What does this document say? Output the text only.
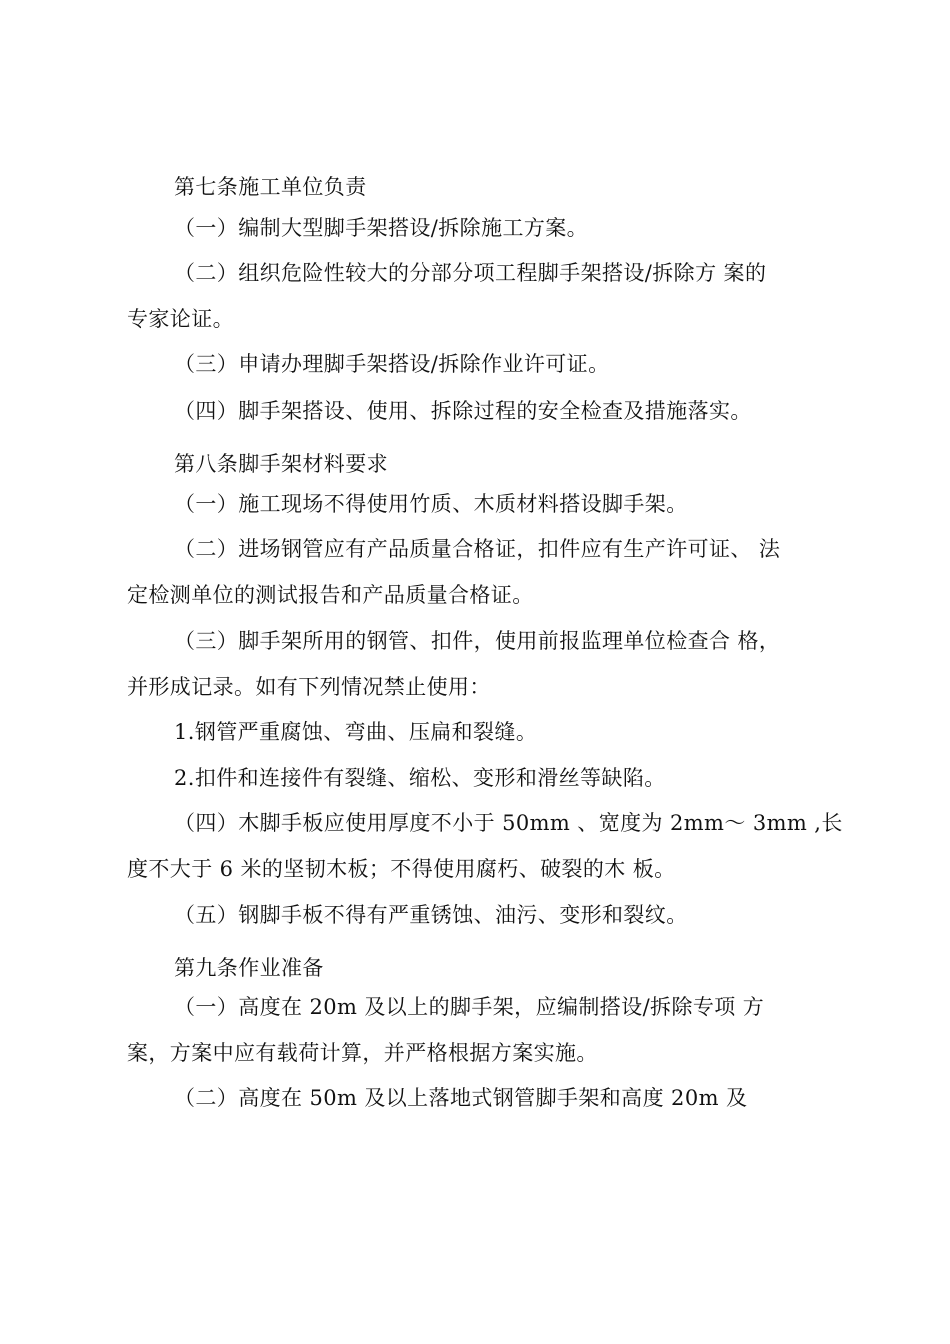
第七条施工单位负责
（一）编制大型脚手架搭设/拆除施工方案。
（二）组织危险性较大的分部分项工程脚手架搭设/拆除方 案的
专家论证。
（三）申请办理脚手架搭设/拆除作业许可证。
（四）脚手架搭设、使用、拆除过程的安全检查及措施落实。
第八条脚手架材料要求
（一）施工现场不得使用竹质、木质材料搭设脚手架。
（二）进场钢管应有产品质量合格证，扣件应有生产许可证、 法
定检测单位的测试报告和产品质量合格证。
（三）脚手架所用的钢管、扣件，使用前报监理单位检查合 格，
并形成记录。如有下列情况禁止使用：
1.钢管严重腐蚀、弯曲、压扁和裂缝。
2.扣件和连接件有裂缝、缩松、变形和滑丝等缺陷。
（四）木脚手板应使用厚度不小于 50mm 、宽度为 2mm〜 3mm ,长
度不大于 6 米的坚韧木板；不得使用腐朽、破裂的木 板。
（五）钢脚手板不得有严重锈蚀、油污、变形和裂纹。
第九条作业准备
（一）高度在 20m 及以上的脚手架，应编制搭设/拆除专项 方
案，方案中应有载荷计算，并严格根据方案实施。
（二）高度在 50m 及以上落地式钢管脚手架和高度 20m 及
